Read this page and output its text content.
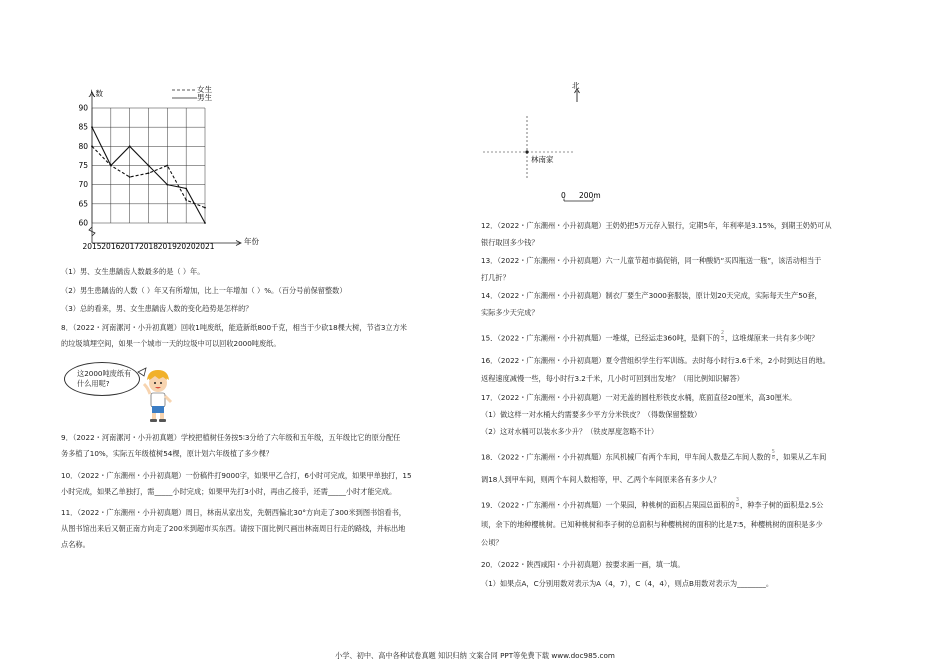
90
85
80
75
70
65
60
2015 2016 2017 2018 2019 2020 2021
人数
年份
女生
男生
（1）男、女生患龋齿人数最多的是（ ）年。
（2）男生患龋齿的人数（ ）年又有所增加，比上一年增加（ ）%。（百分号前保留整数）
（3）总的看来，男、女生患龋齿人数的变化趋势是怎样的？
8．（2022・河南漯河・小升初真题）回收1吨废纸，能造新纸800千克，相当于少砍18棵大树，节省3立方米
的垃圾填埋空间，如果一个城市一天的垃圾中可以回收2000吨废纸。
这2000吨废纸有
什么用呢?
9．（2022・河南漯河・小升初真题）学校把植树任务按5∶3分给了六年级和五年级，五年级比它的原分配任
务多植了10%，实际五年级植树54棵，原计划六年级植了多少棵？
10．（2022・广东潮州・小升初真题）一份稿件打9000字，如果甲乙合打，6小时可完成，如果甲单独打，15
小时完成，如果乙单独打，需_____小时完成；如果甲先打3小时，再由乙接手，还需_____小时才能完成。
11．（2022・广东潮州・小升初真题）周日，林南从家出发，先朝西偏北30°方向走了300米到图书馆看书，
从图书馆出来后又朝正南方向走了200米到超市买东西。请按下面比例尺画出林南周日行走的路线，并标出地
点名称。
北
林南家
0 200m
12．（2022・广东潮州・小升初真题）王奶奶把5万元存入银行，定期5年，年利率是3.15%，到期王奶奶可从
银行取回多少钱？
13．（2022・广东潮州・小升初真题）六一儿童节超市搞促销，同一种酸奶“买四瓶送一瓶”，该活动相当于
打几折？
14．（2022・广东潮州・小升初真题）制衣厂要生产3000套服装，原计划20天完成，实际每天生产50套，
实际多少天完成？
15．（2022・广东潮州・小升初真题）一堆煤，已经运走360吨，是剩下的 $\frac{2}{3}$ ，这堆煤原来一共有多少吨？
16．（2022・广东潮州・小升初真题）夏令营组织学生行军训练。去时每小时行3.6千米，2小时到达目的地。
返程速度减慢一些，每小时行3.2千米，几小时可回到出发地？（用比例知识解答）
17．（2022・广东潮州・小升初真题）一对无盖的圆柱形铁皮水桶，底面直径20厘米，高30厘米。
（1）做这样一对水桶大约需要多少平方分米铁皮？（得数保留整数）
（2）这对水桶可以装水多少升？（铁皮厚度忽略不计）
18．（2022・广东潮州・小升初真题）东风机械厂有两个车间，甲车间人数是乙车间人数的 $\frac{5}{8}$ ，如果从乙车间
调18人到甲车间，则两个车间人数相等，甲、乙两个车间原来各有多少人？
19．（2022・广东潮州・小升初真题）一个果园，种桃树的面积占果园总面积的 $\frac{3}{8}$ ，种李子树的面积是2.5公
顷，余下的地种樱桃树。已知种桃树和李子树的总面积与种樱桃树的面积的比是7∶5，种樱桃树的面积是多少
公顷？
20．（2022・陕西咸阳・小升初真题）按要求画一画，填一填。
（1）如果点A，C分别用数对表示为A（4，7），C（4，4），则点B用数对表示为________。
小学、初中、高中各种试卷真题 知识归纳 文案合同 PPT等免费下载 www.doc985.com
